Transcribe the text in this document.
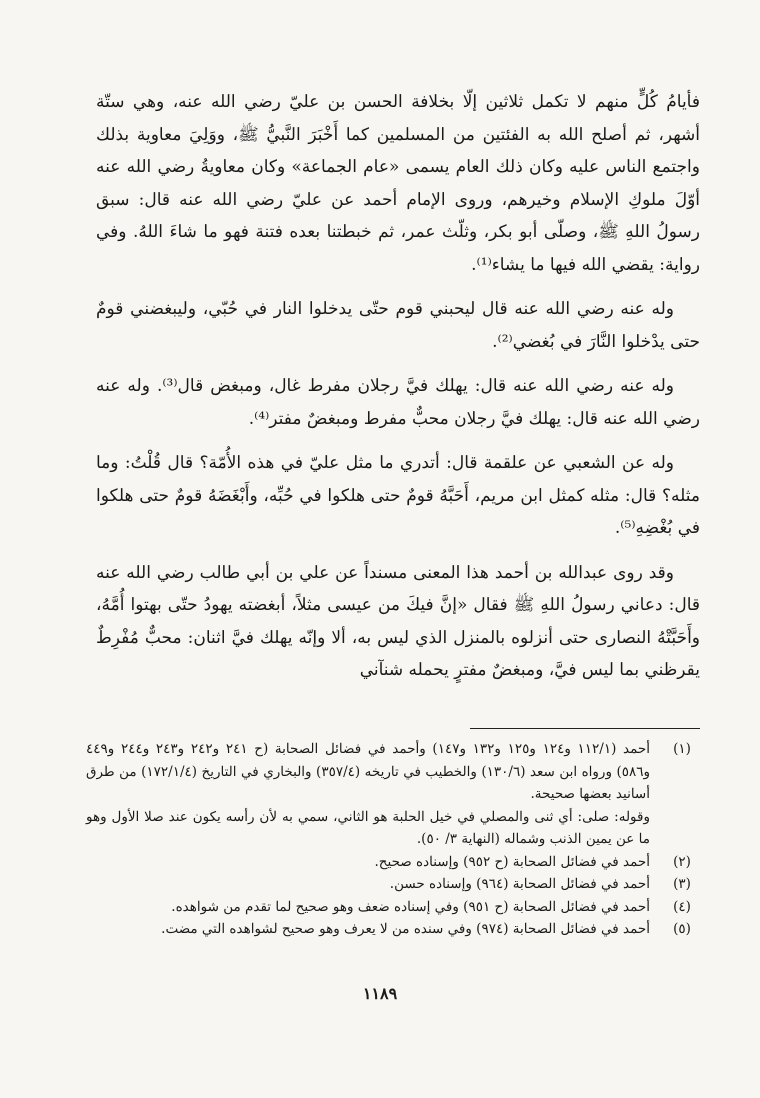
فأيامُ كُلٍّ منهم لا تكمل ثلاثين إلّا بخلافة الحسن بن عليّ رضي الله عنه، وهي ستّة أشهر، ثم أصلح الله به الفئتين من المسلمين كما أَخْبَرَ النَّبيُّ ﷺ، ووَلِيَ معاوية بذلك واجتمع الناس عليه وكان ذلك العام يسمى «عام الجماعة» وكان معاويةُ رضي الله عنه أوّلَ ملوكِ الإسلام وخيرهم، وروى الإمام أحمد عن عليّ رضي الله عنه قال: سبق رسولُ اللهِ ﷺ، وصلّى أبو بكر، وثلّث عمر، ثم خبطتنا بعده فتنة فهو ما شاءَ اللهُ. وفي رواية: يقضي الله فيها ما يشاء⁽¹⁾.

وله عنه رضي الله عنه قال ليحبني قوم حتّى يدخلوا النار في حُبّي، وليبغضني قومٌ حتى يدْخلوا النَّارَ في بُغضي⁽²⁾.

وله عنه رضي الله عنه قال: يهلك فيَّ رجلان مفرط غال، ومبغض قال⁽³⁾. وله عنه رضي الله عنه قال: يهلك فيَّ رجلان محبٌّ مفرط ومبغضٌ مفتر⁽⁴⁾.

وله عن الشعبي عن علقمة قال: أتدري ما مثل عليّ في هذه الأُمّة؟ قال قُلْتُ: وما مثله؟ قال: مثله كمثل ابن مريم، أَحَبَّهُ قومٌ حتى هلكوا في حُبِّه، وأَبْغَضَهُ قومٌ حتى هلكوا في بُغْضِهِ⁽⁵⁾.

وقد روى عبدالله بن أحمد هذا المعنى مسنداً عن علي بن أبي طالب رضي الله عنه قال: دعاني رسولُ اللهِ ﷺ فقال «إنَّ فيكَ من عيسى مثلاً، أبغضته يهودُ حتّى بهتوا أُمَّهُ، وأَحَبَّتْهُ النصارى حتى أنزلوه بالمنزل الذي ليس به، ألا وإنّه يهلك فيَّ اثنان: محبٌّ مُفْرِطٌ يقرظني بما ليس فيَّ، ومبغضٌ مفترٍ يحمله شنآني

(١)
أحمد (١١٢/١ و١٢٤ و١٢٥ و١٣٢ و١٤٧) وأحمد في فضائل الصحابة (ح ٢٤١ و٢٤٢ و٢٤٣ و٢٤٤ و٤٤٩ و٥٨٦) ورواه ابن سعد (١٣٠/٦) والخطيب في تاريخه (٣٥٧/٤) والبخاري في التاريخ (١٧٢/١/٤) من طرق أسانيد بعضها صحيحة.
وقوله: صلى: أي ثنى والمصلي في خيل الحلبة هو الثاني، سمي به لأن رأسه يكون عند صلا الأول وهو ما عن يمين الذنب وشماله (النهاية ٣/ ٥٠).
(٢)
أحمد في فضائل الصحابة (ح ٩٥٢) وإسناده صحيح.
(٣)
أحمد في فضائل الصحابة (٩٦٤) وإسناده حسن.
(٤)
أحمد في فضائل الصحابة (ح ٩٥١) وفي إسناده ضعف وهو صحيح لما تقدم من شواهده.
(٥)
أحمد في فضائل الصحابة (٩٧٤) وفي سنده من لا يعرف وهو صحيح لشواهده التي مضت.
١١٨٩
